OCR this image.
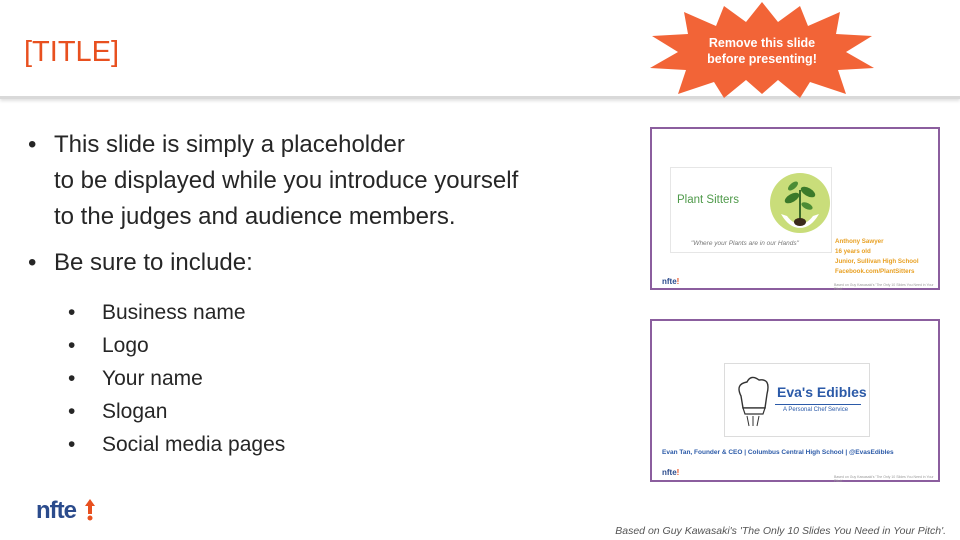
[TITLE]	Remove this slide
before presenting!
• This slide is simply a placeholder
to be displayed while you introduce yourself
to the judges and audience members.
• Be sure to include:
•	Business name
•	Logo
•	Your name
•	Slogan
•	Social media pages
Plant Sitters
"Where your Plants are in our Hands"	Anthony Sawyer
16 years old
Junior, Sullivan High School
Facebook.com/PlantSitters
nfte!	Based on Guy Kawasaki's 'The Only 10 Slides You Need in Your Pitch'.
Eva's Edibles
A Personal Chef Service
Evan Tan, Founder & CEO | Columbus Central High School | @EvasEdibles
nfte!	Based on Guy Kawasaki's 'The Only 10 Slides You Need in Your Pitch'.
nfte
Based on Guy Kawasaki's 'The Only 10 Slides You Need in Your Pitch'.
